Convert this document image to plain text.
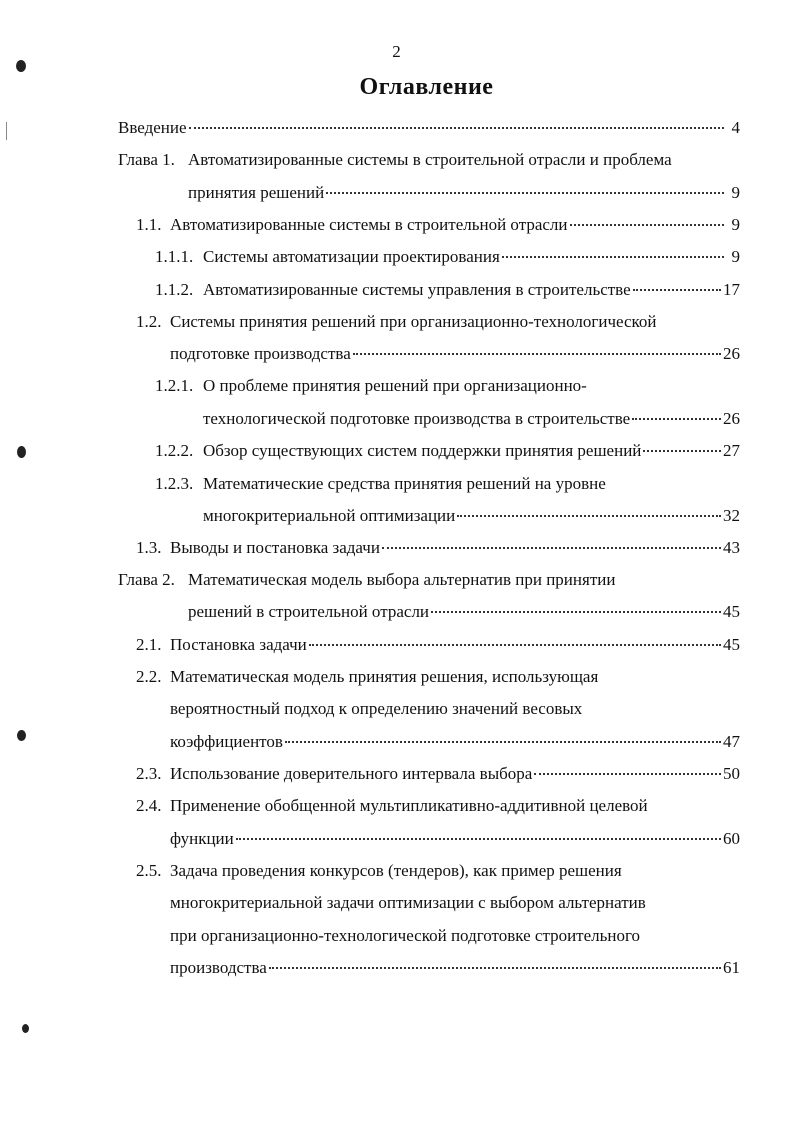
2
Оглавление
Введение	4
Глава 1. Автоматизированные системы в строительной отрасли и проблема
принятия решений	9
1.1. Автоматизированные системы в строительной отрасли	9
1.1.1. Системы автоматизации проектирования	9
1.1.2. Автоматизированные системы управления в строительстве	17
1.2. Системы принятия решений при организационно-технологической
подготовке производства	26
1.2.1. О проблеме принятия решений при организационно-
технологической подготовке производства в строительстве	26
1.2.2. Обзор существующих систем поддержки принятия решений	27
1.2.3. Математические средства принятия решений на уровне
многокритериальной оптимизации	32
1.3. Выводы и постановка задачи	43
Глава 2. Математическая модель выбора альтернатив при принятии
решений в строительной отрасли	45
2.1. Постановка задачи	45
2.2. Математическая модель принятия решения, использующая
вероятностный подход к определению значений весовых
коэффициентов	47
2.3. Использование доверительного интервала выбора	50
2.4. Применение обобщенной мультипликативно-аддитивной целевой
функции	60
2.5. Задача проведения конкурсов (тендеров), как пример решения
многокритериальной задачи оптимизации с выбором альтернатив
при организационно-технологической подготовке строительного
производства	61
